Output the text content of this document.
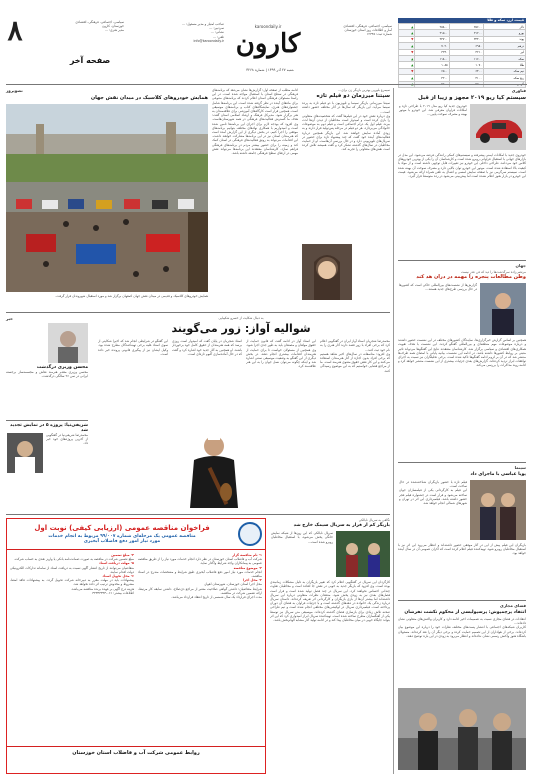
۸	سیاسی، اجتماعی، فرهنگی، اقتصادی

خوزستان، کارون

مدیر هنری: ...

صفحه آخر

صاحب امتیاز و مدیر مسئول: ...

سردبیر: ...

نشانی: ...

تلفن: ...

info@karoondaily.ir

karoondaily.ir
کارون
شنبه ۲۷ آذر ۱۳۹۹ | شماره ۳۲۶۸

سیاسی، اجتماعی، فرهنگی، اقتصادی

آمار و اطلاعات روز استان خوزستان

شماره ثبت: ۱۲۳۴۵

قیمت ارز، سکه و طلا
دلار	۲۵۶۰۰	۲۵۸۰۰	▲
یورو	۳۱۲۰۰	۳۱۵۰۰	▲
پوند	۳۴۴۰۰	۳۴۷۰۰	▼
درهم	۶۹۸۰	۷۰۲۰	▲
لیر	۳۲۱۰	۳۲۴۰	▼
سکه	۱۱۶۰۰	۱۱۸۰۰	▲
طلا	۱۰۷۰	۱۰۸۵	▲
نیم سکه	۶۴۰۰	۶۵۰۰	▼
ربع سکه	۴۱۰۰	۴۲۰۰	▲

فناوری
سیستم کیا ریو ۲۰۱۹ مجهز و زیبا از قبل
خودروی جدید کیا ریو مدل ۲۰۱۹ با طراحی تازه و امکانات فراوان معرفی شد. این خودرو با موتور بهینه و مصرف سوخت پایین...

خودروی جدید با امکانات ایمنی پیشرفته و سیستم‌های کمکی رانندگی عرضه می‌شود. این مدل در بازارهای جهانی با استقبال فراوانی روبرو شده است و کارشناسان آن را یکی از بهترین خودروهای کلاس خود می‌دانند. طراحی داخلی این خودرو نیز تغییرات قابل توجهی داشته است و از مواد با کیفیت بالا استفاده شده است. موتور این خودرو توان بالایی دارد و مصرف سوخت آن بهینه شده است. سیستم سرگرمی نیز با صفحه نمایش لمسی و اتصال به تلفن همراه ارائه می‌شود. قیمت این خودرو در بازار هنوز اعلام نشده است اما پیش‌بینی می‌شود در رده متوسط قرار گیرد.

جهان
مرتضی‌زاده سرگذشت‌ها را دید که فن عذر نیست
وطن مطالعات پنجره را مهمه در دران هد کند
گزارش‌ها از نشست‌های بین‌المللی حاکی است که کشورها در حال بررسی طرح‌های جدید هستند...

همچنین بر اساس گزارش خبرگزاری‌ها، نمایندگان کشورهای مختلف در این نشست حضور داشتند و درباره موضوعات مهم منطقه‌ای و بین‌المللی گفتگو کردند. این نشست با هدف تقویت همکاری‌های اقتصادی و سیاسی برگزار شد. کارشناسان معتقدند نتایج این گفتگوها می‌تواند تاثیر مثبتی بر روابط کشورها داشته باشد. در ادامه این نشست، بیانیه پایانی با امضای همه طرف‌ها منتشر شد که در آن بر لزوم ادامه گفتگوها تاکید شده است. برخی تحلیلگران نیز نسبت به اجرای توافقات ابراز تردید کرده‌اند. گزارش‌های بعدی جزئیات بیشتری از این نشست منتشر خواهد کرد و ادامه روند مذاکرات را بررسی می‌کند.

سینما
پویا عباسی با ماجرای داد

فیلم تازه با حضور بازیگران شناخته‌شده در حال ساخت است.

این فیلم به کارگردانی یکی از فیلمسازان جوان ساخته می‌شود و قرار است در جشنواره فیلم فجر حضور داشته باشد. فیلمبرداری این اثر در تهران و شهرهای شمالی انجام خواهد شد.

بازیگران این فیلم پیش از این در آثار موفقی حضور داشته‌اند و انتظار می‌رود این اثر نیز با استقبال مخاطبان روبرو شود. تهیه‌کننده فیلم اعلام کرده است که اکران عمومی آن در سال آینده خواهد بود.

فضای مجازی
انتقاد پرچمپوش: پرسپولیسی از محکوم نکشت نفرشان

انتقادات در فضای مجازی نسبت به تصمیمات اخیر ادامه دارد و کاربران واکنش‌های متفاوتی نشان داده‌اند...

کاربران شبکه‌های اجتماعی با انتشار پست‌های مختلف نظرات خود را درباره این موضوع بیان کرده‌اند. برخی از هواداران از این تصمیم حمایت کرده و برخی دیگر آن را نقد کرده‌اند. مسئولان باشگاه هنوز واکنش رسمی نشان نداده‌اند و انتظار می‌رود به زودی در این باره توضیح دهند.

سیمرغ بلورین بهترین بازیگر زن برای...
سیتنا میرزمان دو فیلم تازه

سیتنا میرزمانی بازیگر سینما و تلویزیون با دو فیلم تازه به پرده سینما می‌آید. این بازیگر که سال‌ها در آثار مختلف حضور داشته است...

وی درباره نقش خود در این فیلم‌ها گفت که شخصیت‌های متفاوتی را بازی کرده است و امیدوار است مخاطبان از دیدن آن‌ها لذت ببرند. فیلم اول یک درام اجتماعی است و فیلم دوم به موضوعات خانوادگی می‌پردازد. هر دو فیلم در مرحله پس‌تولید قرار دارند و به زودی آماده نمایش خواهند شد. این بازیگر همچنین درباره فعالیت‌های آینده خود گفت که چند پیشنهاد تازه برای حضور در سریال‌های تلویزیونی دارد و در حال بررسی آن‌هاست. او از حمایت مخاطبان در سال‌های گذشته تشکر کرد و گفت همیشه تلاش کرده است نقش‌های متفاوتی را تجربه کند.

ادامه مطلب از صفحه اول: گزارش‌ها نشان می‌دهد که برنامه‌های فرهنگی در سطح استان با استقبال مواجه شده است. در این راستا مسئولان فرهنگی استان اعلام کردند که برنامه‌های متنوعی برای ماه‌های آینده در نظر گرفته شده است. این برنامه‌ها شامل جشنواره‌های هنری، نمایشگاه‌های کتاب و برنامه‌های موسیقی است. همچنین قرار است کارگاه‌های آموزشی برای علاقه‌مندان به هنر برگزار شود. مدیرکل فرهنگ و ارشاد اسلامی استان گفت: هدف ما گسترش فعالیت‌های فرهنگی در همه شهرستان‌هاست. وی افزود که بودجه لازم برای اجرای این برنامه‌ها تامین شده است و امیدواریم با همکاری نهادهای مختلف بتوانیم برنامه‌های موفقی را اجرا کنیم. در بخش دیگری از این گزارش آمده است که هنرمندان استان نیز در این برنامه‌ها مشارکت خواهند داشت. این اقدامات می‌تواند به رونق فعالیت‌های فرهنگی در استان کمک کند و زمینه را برای حضور بیشتر مردم در برنامه‌های فرهنگی فراهم سازد. کارشناسان معتقدند این برنامه‌ها می‌تواند نقش مهمی در ارتقای سطح فرهنگی جامعه داشته باشد.

تصویروز
همایش خودروهای کلاسیک در میدان نقش جهان
همایش خودروهای کلاسیک و قدیمی در میدان نقش جهان اصفهان برگزار شد و مورد استقبال شهروندان قرار گرفت.
به دنبال شکایت از خسرو شکیبایی
شوالیه آواز: زور می‌گویند

محمدرضا شجریان استاد آواز ایران در گفتگویی اعلام کرد که برخی افراد با زور قصد دارند آثار هنری را به نام خود ثبت کنند...

وی افزود: متاسفانه در سال‌های اخیر شاهد هستیم که برخی افراد بدون اجازه از آثار هنرمندان استفاده می‌کنند و این کار نقض حقوق معنوی هنرمند است. ما از مراجع قضایی خواستیم که به این موضوع رسیدگی کنند.

این استاد آواز در ادامه گفت که قانون حمایت از حقوق مولفان و مصنفان باید به طور جدی اجرا شود. وی همچنین از مسئولان خواست تا برای حمایت از هنرمندان اقدامات بیشتری انجام دهند. در بخش دیگری از این گفتگو به وضعیت موسیقی سنتی اشاره شد و اینکه چگونه می‌توان نسل جوان را به این هنر علاقه‌مند کرد.

استاد شجریان در پایان گفت که امیدوار است روزی برسد که همه هنرمندان از حقوق کامل خود برخوردار باشند. او همچنین به آثار جدید خود اشاره کرد و گفت که در حال آماده‌سازی آلبوم تازه‌ای است.

این گفتگو در شرایطی انجام شد که اخیرا شکایتی از سوی استاد علیه برخی تهیه‌کنندگان مطرح شده بود. وکیل ایشان نیز از پیگیری قانونی پرونده خبر داده است.

خبر
محسن وزیری درگذشت
محسن وزیری مقدم هنرمند نقاش و مجسمه‌ساز برجسته ایرانی در سن ۹۶ سالگی درگذشت.
شریفی‌نیا: پروژه ۵ در نمایش تجدید شد
محمدرضا شریفی‌نیا در گفتگویی از آخرین پروژه‌های خود خبر داد.
فراخوان مناقصه عمومی (ارزیابی کیفی) نوبت اول
مناقصه عمومی یک مرحله‌ای شماره ۹۹/۰۰۷ مربوط به انجام خدمات
مورد نیاز امور دفع فاضلاب آبخیزی

۱- نام مناقصه گزار

شرکت آب و فاضلاب استان خوزستان در نظر دارد انجام خدمات مورد نیاز را از طریق مناقصه عمومی به پیمانکاران واجد شرایط واگذار نماید.

۲- موضوع مناقصه

انجام خدمات مورد نیاز امور دفع فاضلاب آبخیزی طبق شرایط و مشخصات مندرج در اسناد مناقصه.

۳- محل اجرا

محل اجرا استان خوزستان، شهرستان اهواز.

شرایط متقاضیان: داشتن گواهی صلاحیت معتبر از مراجع ذی‌صلاح، داشتن سابقه کار مرتبط، ارائه تضمین شرکت در مناقصه.

مدت اجرای قرارداد یک سال شمسی از تاریخ انعقاد قرارداد می‌باشد.

۴- مبلغ تضمین

مبلغ تضمین شرکت در مناقصه به صورت ضمانت‌نامه بانکی یا واریز نقدی به حساب شرکت.

۵- مهلت دریافت اسناد

متقاضیان می‌توانند از تاریخ انتشار آگهی نسبت به دریافت اسناد از سامانه تدارکات الکترونیکی دولت اقدام نمایند.

۶- محل تحویل اسناد

پیشنهادات باید در مهلت مقرر به دبیرخانه شرکت تحویل گردد. به پیشنهادات فاقد امضا، مشروط و مخدوش ترتیب اثر داده نخواهد شد.

هزینه درج آگهی بر عهده برنده مناقصه می‌باشد.

اطلاعات بیشتر: ۰۶۱-۳۳۳۳۳۳۳۳

روابط عمومی شرکت آب و فاضلاب استان خوزستان
نگاهی به سریال نابالکی
بازیگر کم از قرار به سریال سیمک خارج شد
سریال نابالکی که این روزها از شبکه نمایش خانگی پخش می‌شود، با استقبال مخاطبان روبرو شده است...

کارگردان این سریال در گفتگویی اعلام کرد که تغییر بازیگران به دلیل مشکلات زمانبندی بوده است. وی افزود که بازیگر جدید به خوبی در نقش جا افتاده است و مخاطبان تفاوت چندانی احساس نخواهند کرد. این سریال در چند فصل تولید شده است و قرار است فصل‌های بعدی نیز به زودی پخش شود. منتقدان نظرات متفاوتی درباره این سریال داشته‌اند اما بیشتر آن‌ها از بازی بازیگران و کارگردانی اثر تعریف کرده‌اند. داستان سریال درباره زندگی یک خانواده در دهه‌های گذشته است و با جزئیات فراوان به فضای آن دوران پرداخته است. فیلمبرداری سریال در لوکیشن‌های مختلفی انجام شده است و تیم طراحی صحنه تلاش زیادی برای بازسازی فضای گذشته کرده‌اند. موسیقی متن سریال نیز توسط یکی از آهنگسازان مطرح ساخته شده است. تهیه‌کننده سریال ابراز امیدواری کرد که این اثر بتواند جایگاه خوبی در میان مخاطبان پیدا کند و در ادامه تولید آثار مشابه الهام‌بخش باشد.
